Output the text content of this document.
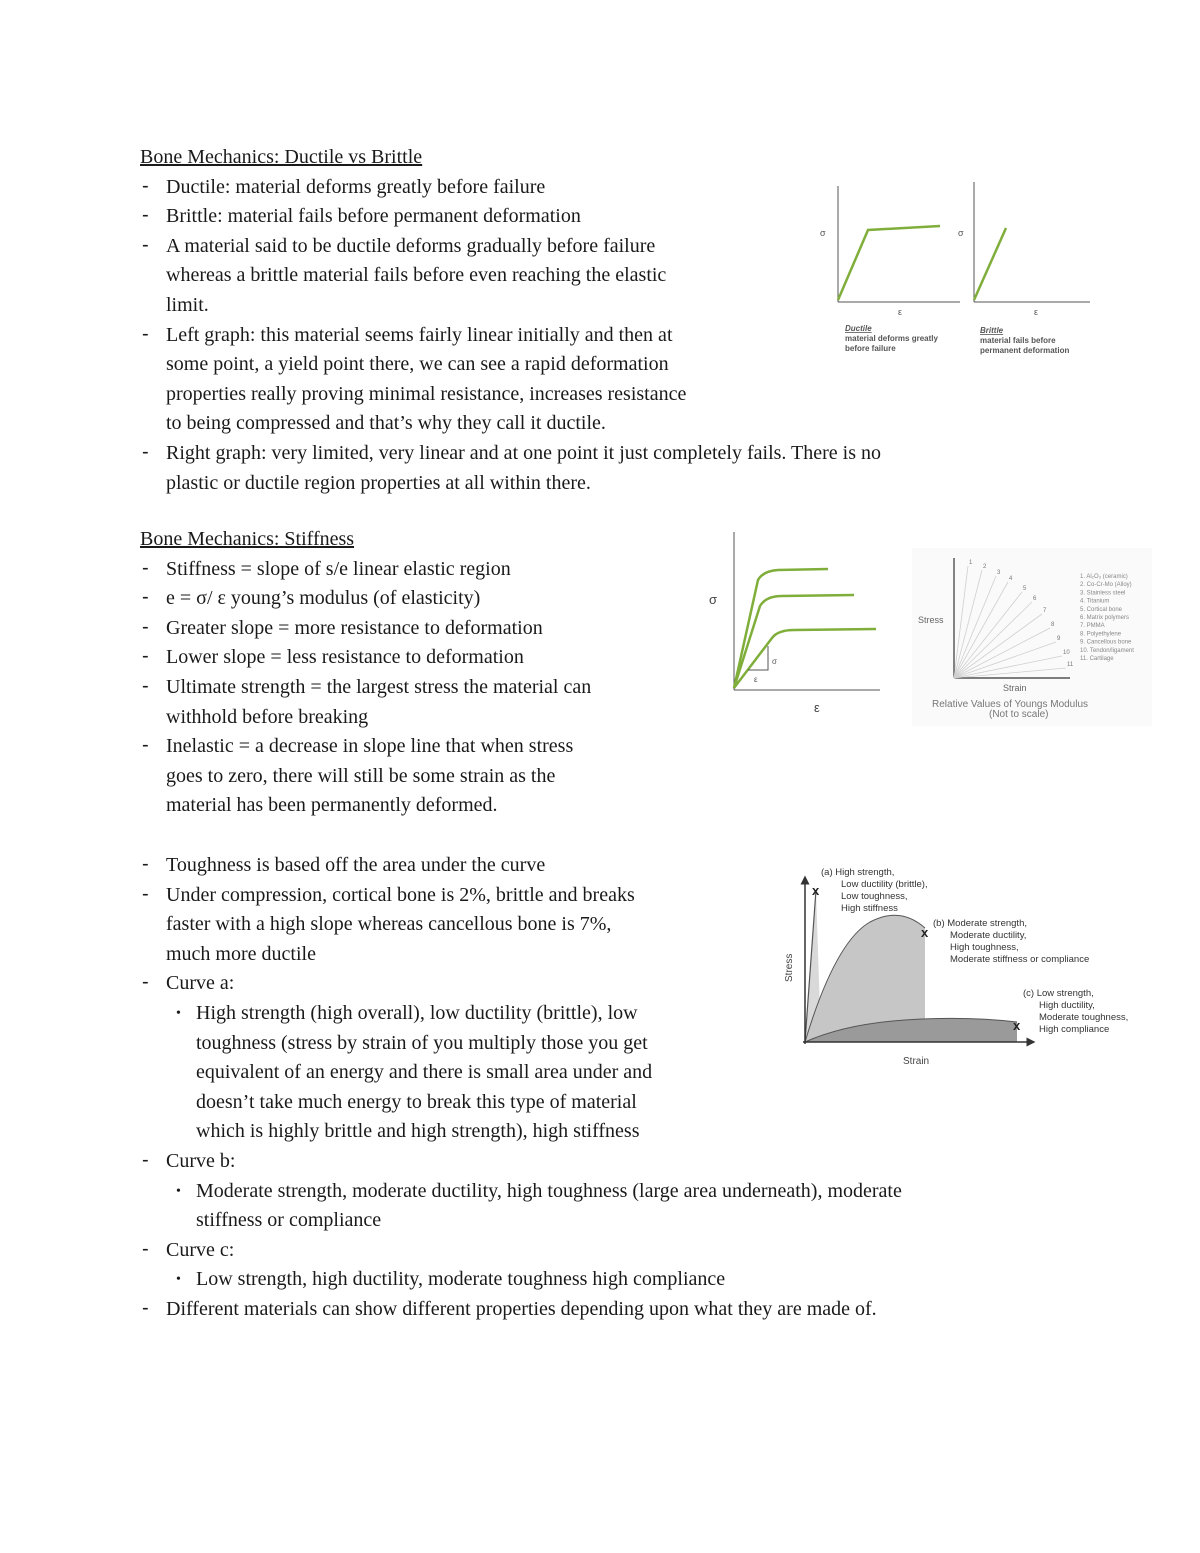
Bone Mechanics: Ductile vs Brittle
- Ductile: material deforms greatly before failure
- Brittle: material fails before permanent deformation
- A material said to be ductile deforms gradually before failure
whereas a brittle material fails before even reaching the elastic
limit.
- Left graph: this material seems fairly linear initially and then at
some point, a yield point there, we can see a rapid deformation
properties really proving minimal resistance, increases resistance
to being compressed and that’s why they call it ductile.
- Right graph: very limited, very linear and at one point it just completely fails. There is no
plastic or ductile region properties at all within there.
Bone Mechanics: Stiffness
- Stiffness = slope of s/e linear elastic region
- e = σ/ ε young’s modulus (of elasticity)
- Greater slope = more resistance to deformation
- Lower slope = less resistance to deformation
- Ultimate strength = the largest stress the material can
withhold before breaking
- Inelastic = a decrease in slope line that when stress
goes to zero, there will still be some strain as the
material has been permanently deformed.
- Toughness is based off the area under the curve
- Under compression, cortical bone is 2%, brittle and breaks
faster with a high slope whereas cancellous bone is 7%,
much more ductile
- Curve a:
• High strength (high overall), low ductility (brittle), low
toughness (stress by strain of you multiply those you get
equivalent of an energy and there is small area under and
doesn’t take much energy to break this type of material
which is highly brittle and high strength), high stiffness
- Curve b:
• Moderate strength, moderate ductility, high toughness (large area underneath), moderate
stiffness or compliance
- Curve c:
• Low strength, high ductility, moderate toughness high compliance
- Different materials can show different properties depending upon what they are made of.
σ
ε
Ductile
material deforms greatly
before failure
σ
ε
Brittle
material fails before
permanent deformation
σ
ε
σ
ε
1
2
3
4
5
6
7
8
9
10
11
Stress
Strain
1. Al₂O₃ (ceramic)
2. Co-Cr-Mo (Alloy)
3. Stainless steel
4. Titanium
5. Cortical bone
6. Matrix polymers
7. PMMA
8. Polyethylene
9. Cancellous bone
10. Tendon/ligament
11. Cartilage
Relative Values of Youngs Modulus
(Not to scale)
x
x
x
Stress
Strain
(a) High strength,
Low ductility (brittle),
Low toughness,
High stiffness
(b) Moderate strength,
Moderate ductility,
High toughness,
Moderate stiffness or compliance
(c) Low strength,
High ductility,
Moderate toughness,
High compliance
